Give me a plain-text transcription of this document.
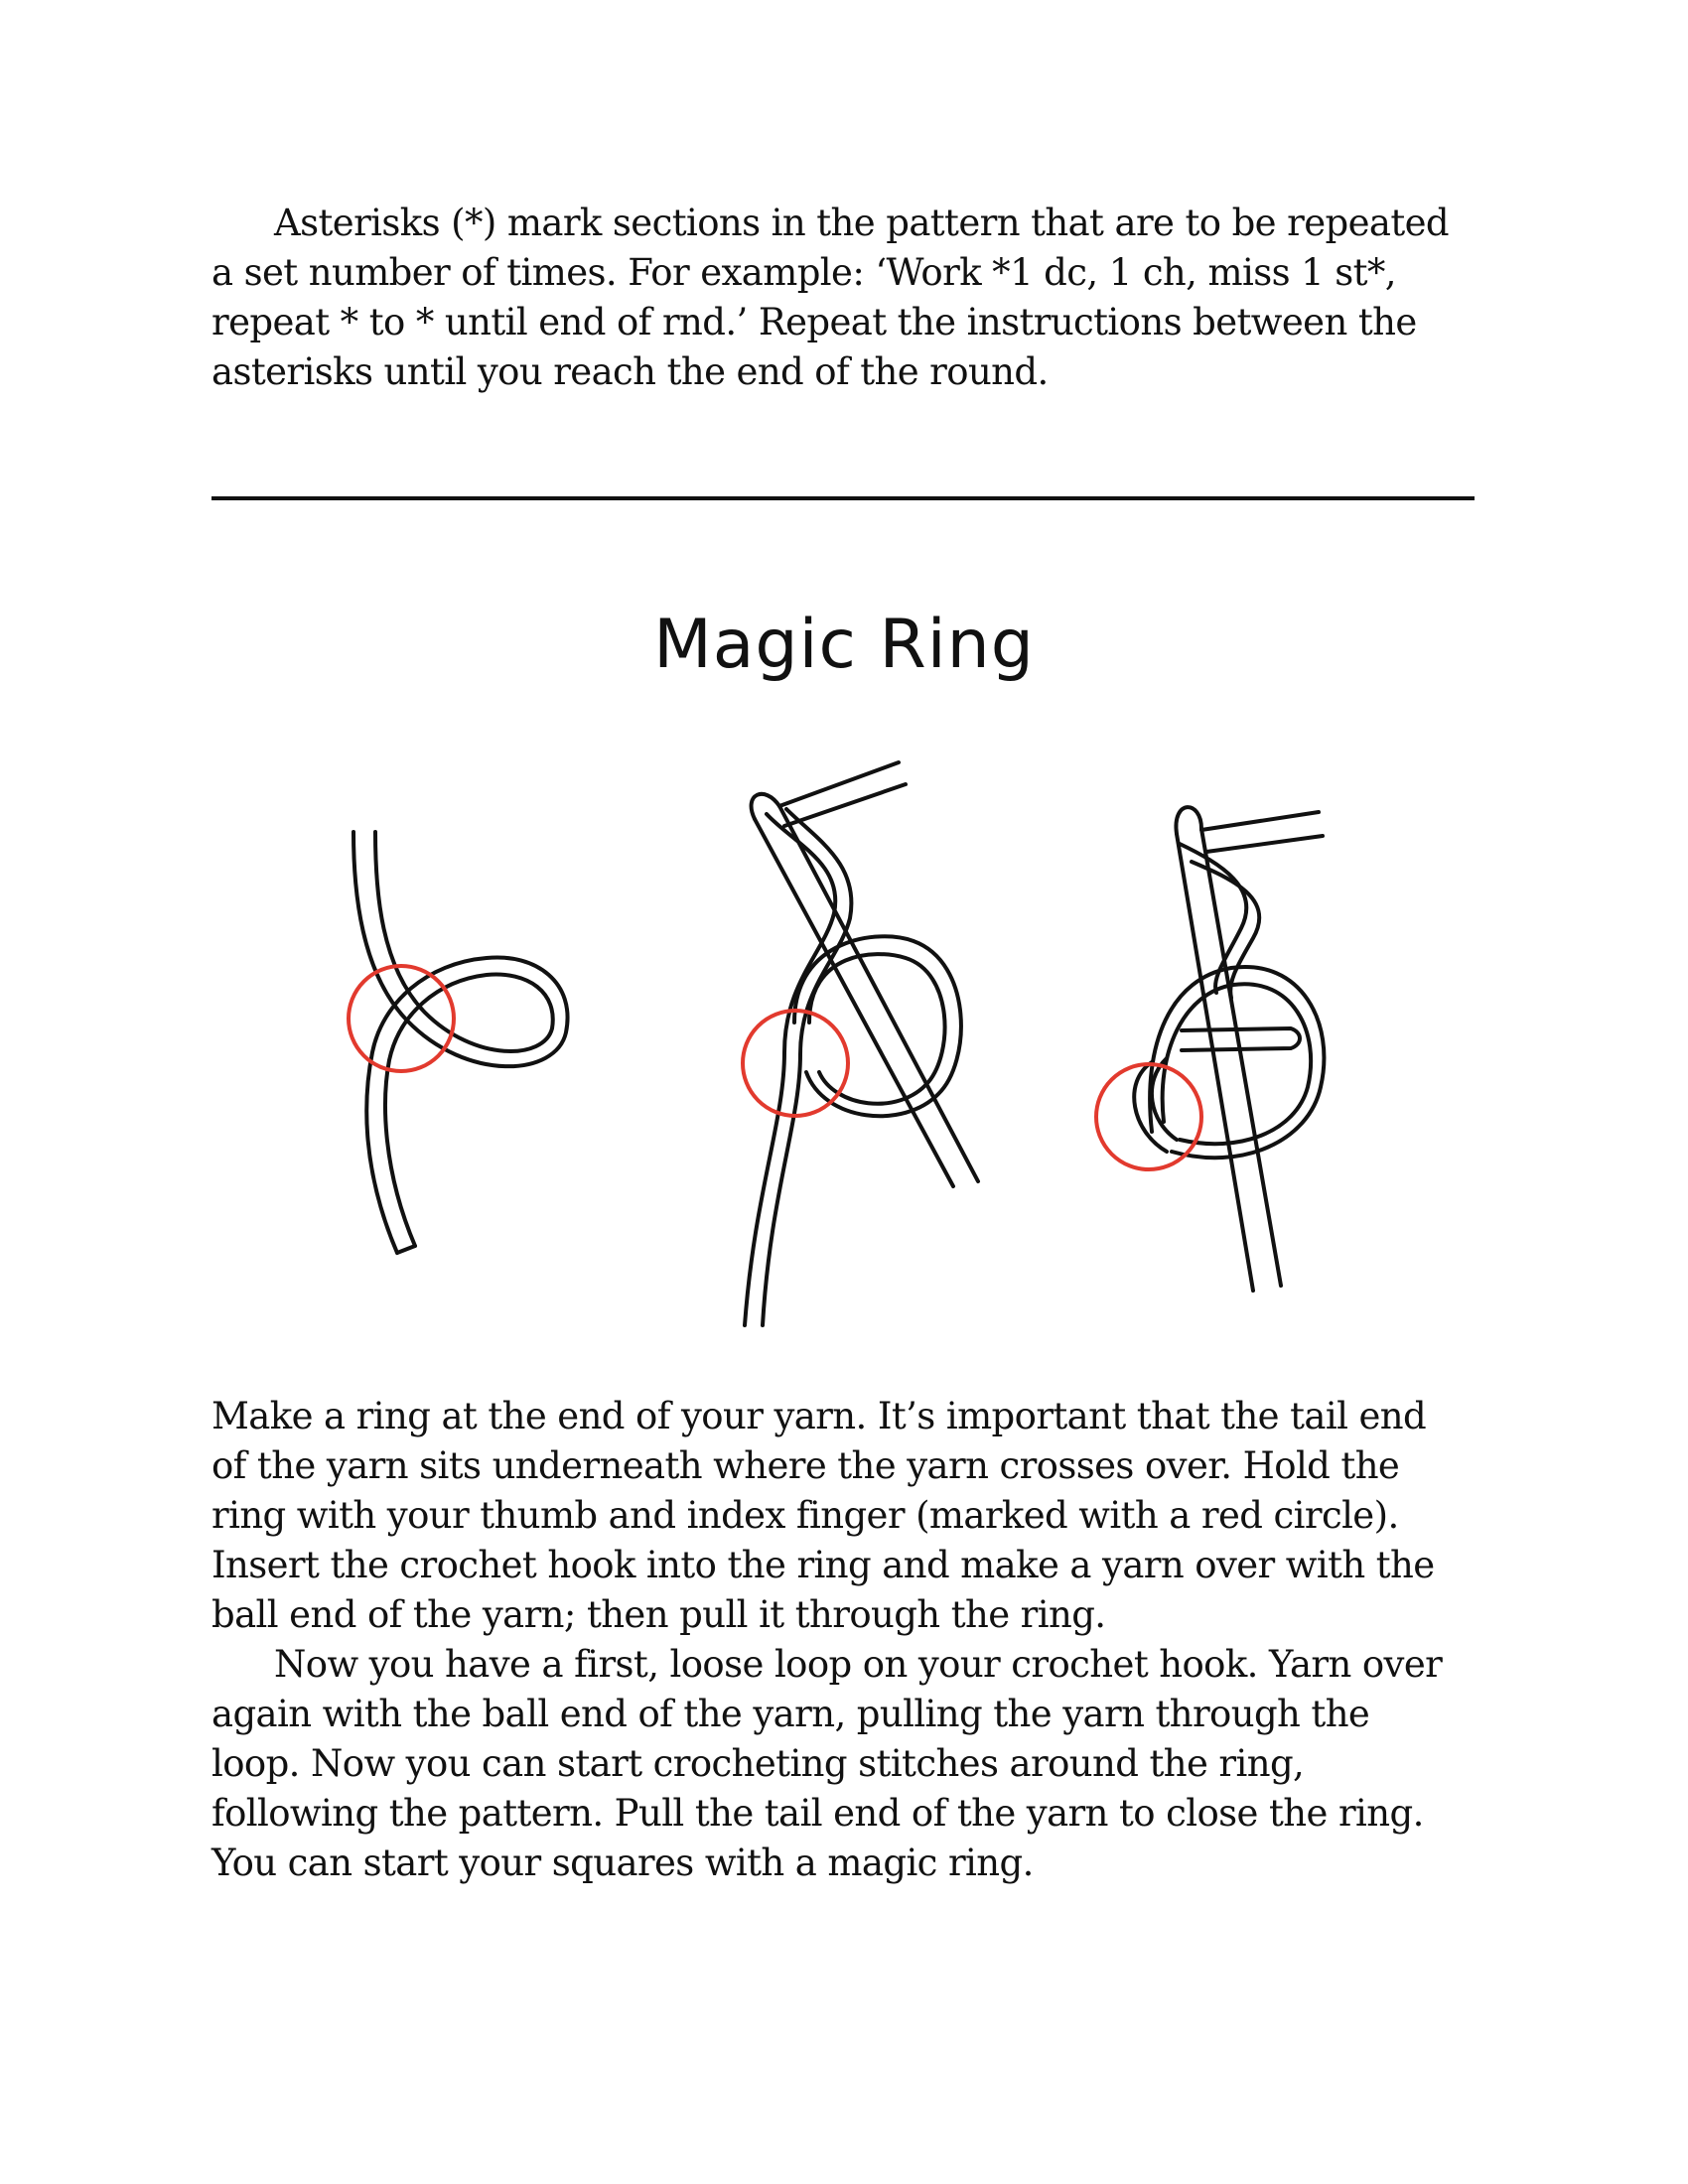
Asterisks (*) mark sections in the pattern that are to be repeated
a set number of times. For example: ‘Work *1 dc, 1 ch, miss 1 st*,
repeat * to * until end of rnd.’ Repeat the instructions between the
asterisks until you reach the end of the round.

Magic Ring

Make a ring at the end of your yarn. It’s important that the tail end
of the yarn sits underneath where the yarn crosses over. Hold the
ring with your thumb and index finger (marked with a red circle).
Insert the crochet hook into the ring and make a yarn over with the
ball end of the yarn; then pull it through the ring.
Now you have a first, loose loop on your crochet hook. Yarn over
again with the ball end of the yarn, pulling the yarn through the
loop. Now you can start crocheting stitches around the ring,
following the pattern. Pull the tail end of the yarn to close the ring.
You can start your squares with a magic ring.
